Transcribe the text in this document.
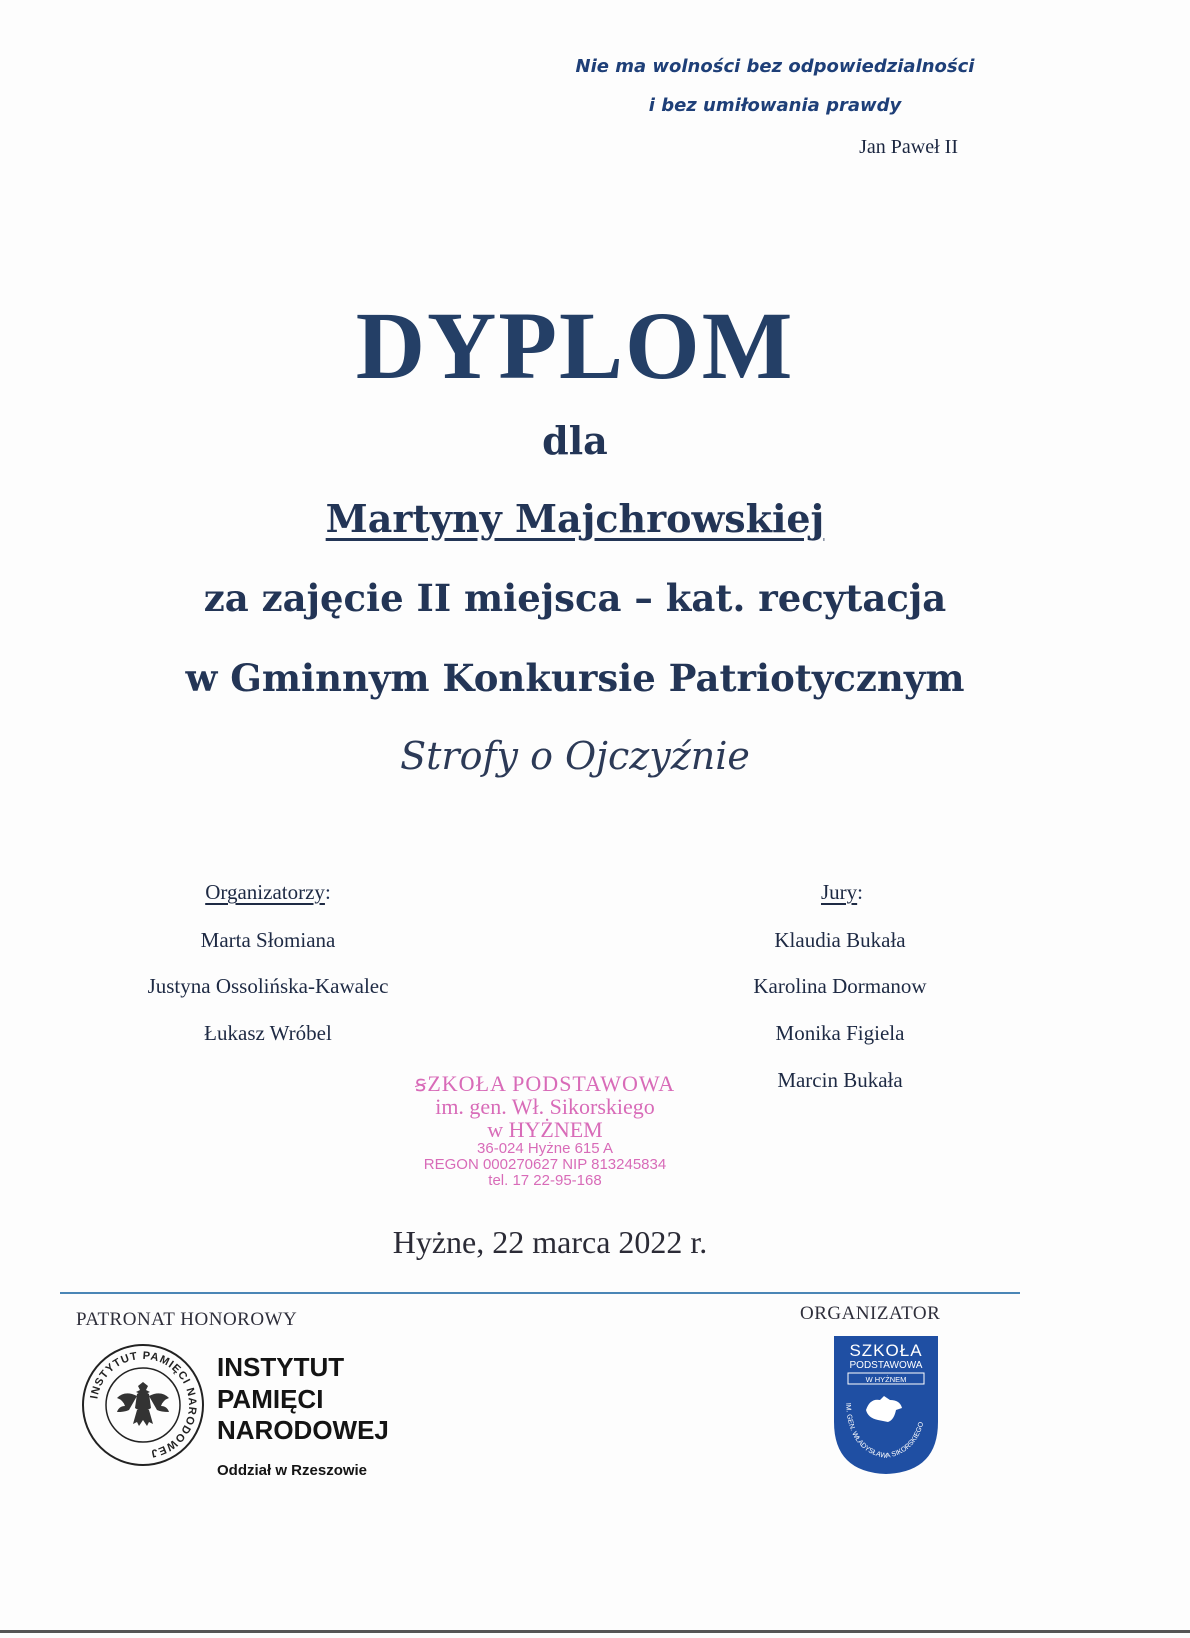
Nie ma wolności bez odpowiedzialności
i bez umiłowania prawdy
Jan Paweł II
DYPLOM
dla
Martyny Majchrowskiej
za zajęcie II miejsca – kat. recytacja
w Gminnym Konkursie Patriotycznym
Strofy o Ojczyźnie
Organizatorzy:
Marta Słomiana
Justyna Ossolińska-Kawalec
Łukasz Wróbel
Jury:
Klaudia Bukała
Karolina Dormanow
Monika Figiela
Marcin Bukała
ꞩZKOŁA PODSTAWOWA
im. gen. Wł. Sikorskiego
w HYŻNEM
36-024 Hyżne 615 A
REGON 000270627 NIP 813245834
tel. 17 22-95-168
Hyżne, 22 marca 2022 r.
PATRONAT HONOROWY	ORGANIZATOR
INSTYTUT PAMIĘCI NARODOWEJ
INSTYTUT
PAMIĘCI
NARODOWEJ
Oddział w Rzeszowie
SZKOŁA
PODSTAWOWA
W HYŻNEM
IM. GEN. WŁADYSŁAWA SIKORSKIEGO
